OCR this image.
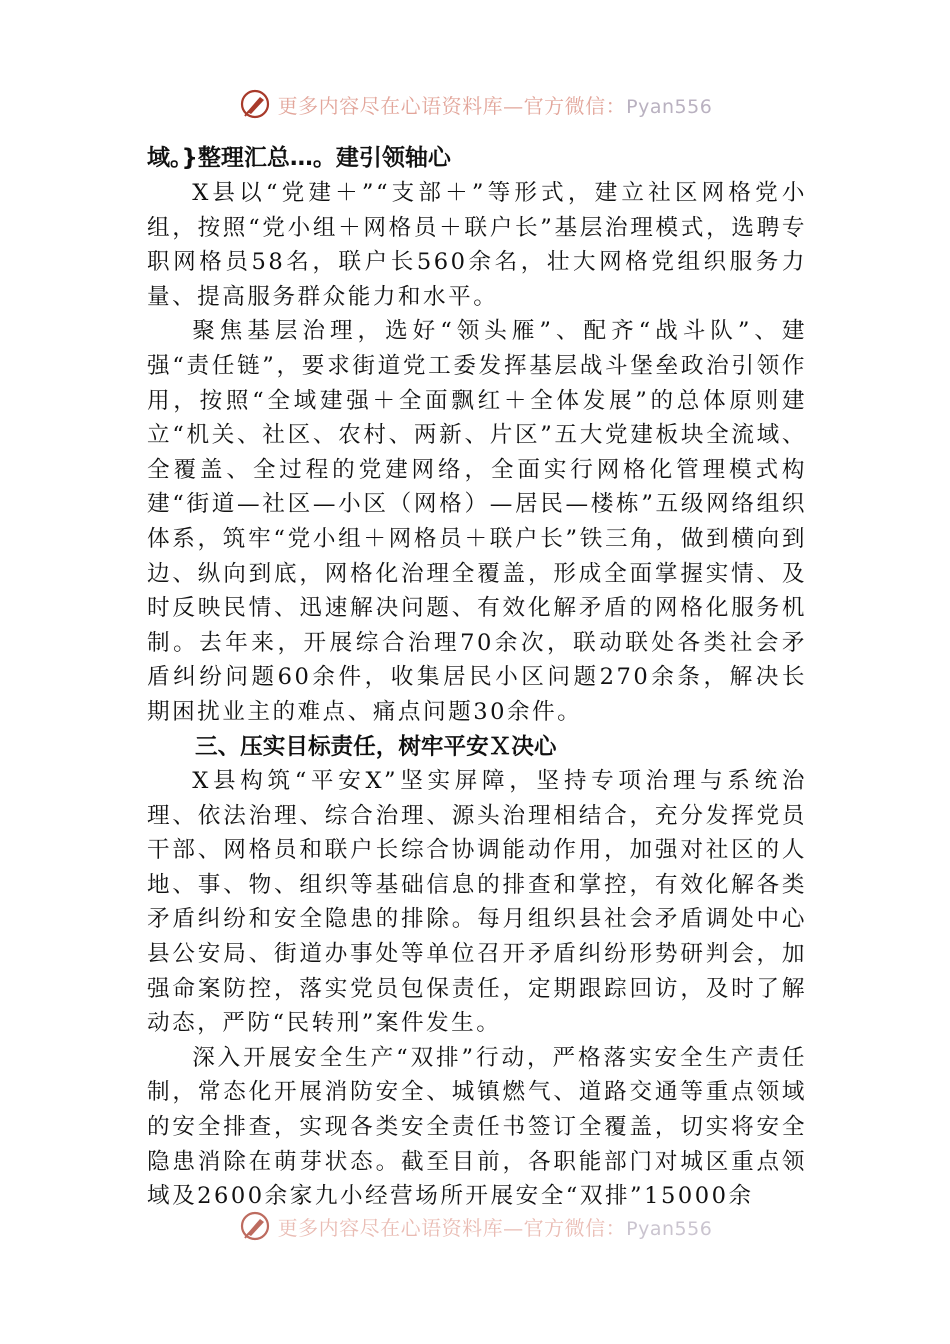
更多内容尽在心语资料库—官方微信：Pyan556

域。}整理汇总…。建引领轴心

X县以“党建＋”“支部＋”等形式，建立社区网格党小组，按照“党小组＋网格员＋联户长”基层治理模式，选聘专职网格员58名，联户长560余名，壮大网格党组织服务力量、提高服务群众能力和水平。

聚焦基层治理，选好“领头雁”、配齐“战斗队”、建强“责任链”，要求街道党工委发挥基层战斗堡垒政治引领作用，按照“全域建强＋全面飘红＋全体发展”的总体原则建立“机关、社区、农村、两新、片区”五大党建板块全流域、全覆盖、全过程的党建网络，全面实行网格化管理模式构建“街道—社区—小区（网格）—居民—楼栋”五级网络组织体系，筑牢“党小组＋网格员＋联户长”铁三角，做到横向到边、纵向到底，网格化治理全覆盖，形成全面掌握实情、及时反映民情、迅速解决问题、有效化解矛盾的网格化服务机制。去年来，开展综合治理70余次，联动联处各类社会矛盾纠纷问题60余件，收集居民小区问题270余条，解决长期困扰业主的难点、痛点问题30余件。

三、压实目标责任，树牢平安Ｘ决心

X县构筑“平安X”坚实屏障，坚持专项治理与系统治理、依法治理、综合治理、源头治理相结合，充分发挥党员干部、网格员和联户长综合协调能动作用，加强对社区的人地、事、物、组织等基础信息的排查和掌控，有效化解各类矛盾纠纷和安全隐患的排除。每月组织县社会矛盾调处中心县公安局、街道办事处等单位召开矛盾纠纷形势研判会，加强命案防控，落实党员包保责任，定期跟踪回访，及时了解动态，严防“民转刑”案件发生。

深入开展安全生产“双排”行动，严格落实安全生产责任制，常态化开展消防安全、城镇燃气、道路交通等重点领域的安全排查，实现各类安全责任书签订全覆盖，切实将安全隐患消除在萌芽状态。截至目前，各职能部门对城区重点领域及2600余家九小经营场所开展安全“双排”15000余

更多内容尽在心语资料库—官方微信：Pyan556
